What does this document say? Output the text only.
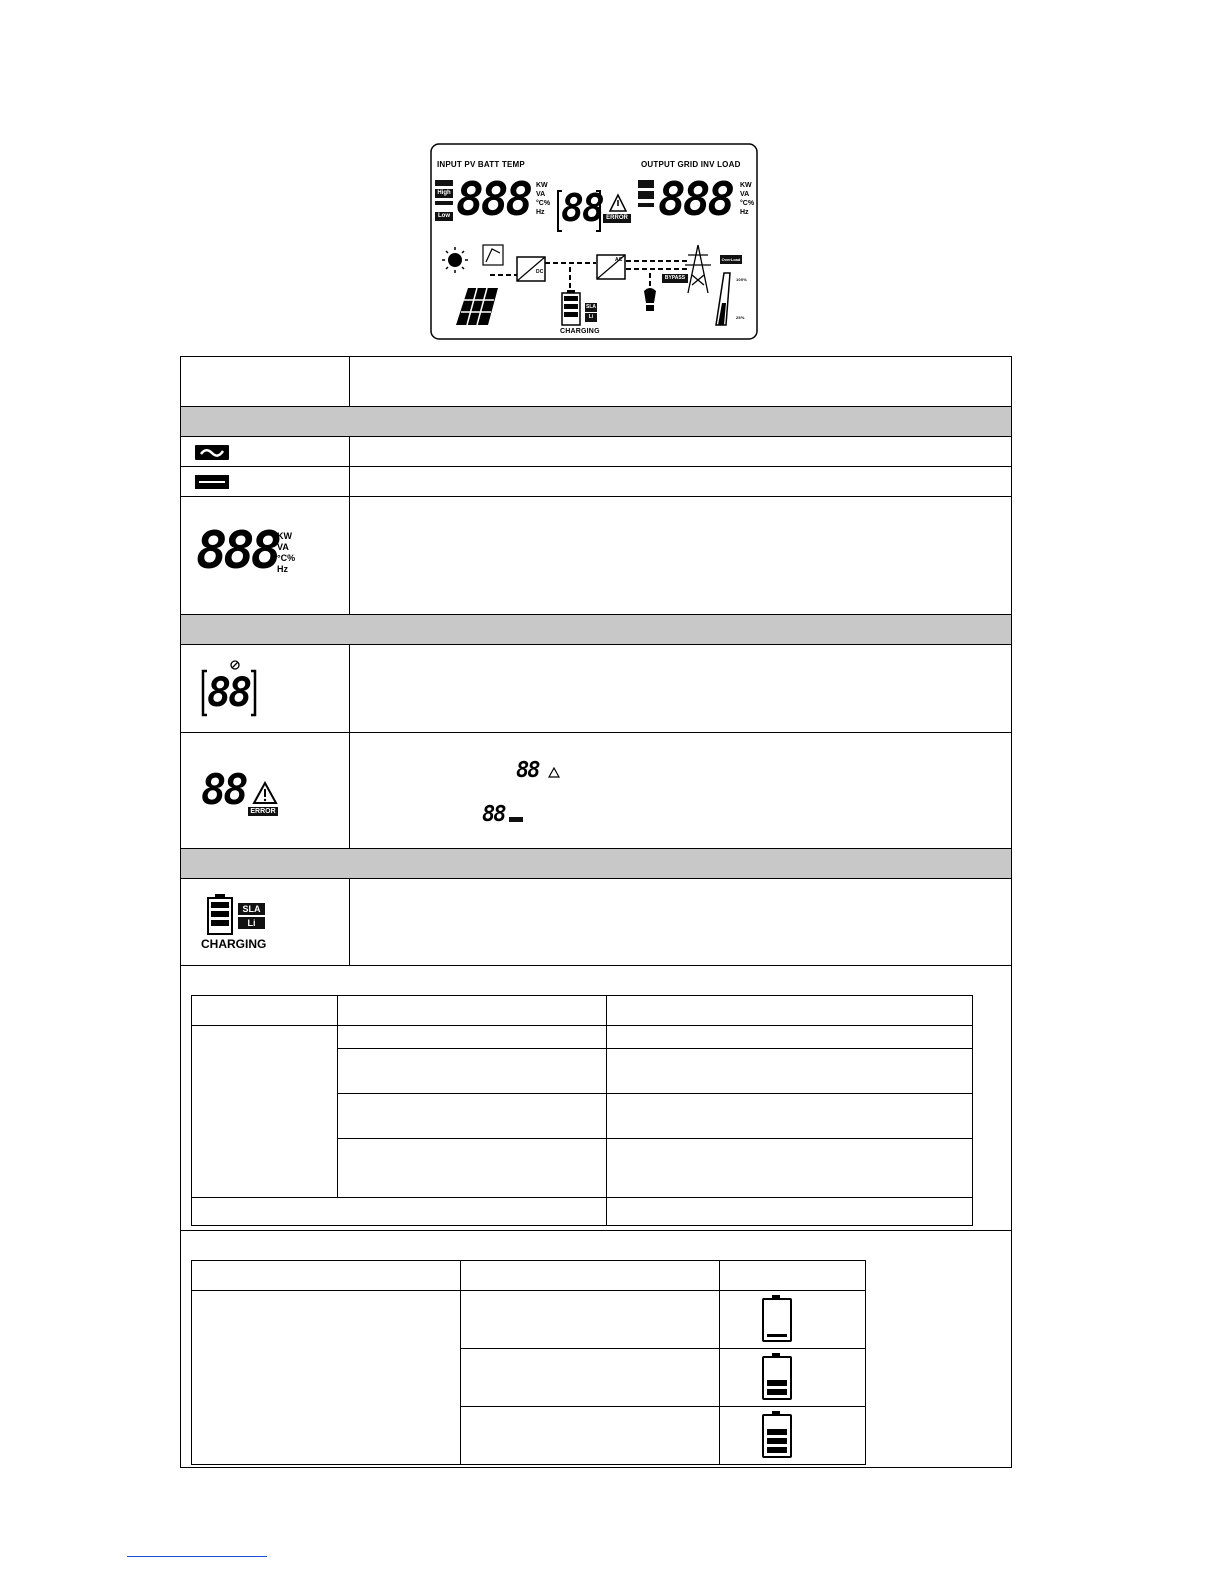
INPUT PV BATT TEMP	OUTPUT GRID INV LOAD
High
Low 888 KW
VA
°C%
Hz 88 ERROR 888 KW
VA
°C%
Hz
SLA
Li
CHARGING
BYPASS
OverLoad
100%
25%
DC
AC

888 KW
VA
°C%
Hz

88

88 ERROR

88
88

SLA
Li
CHARGING
